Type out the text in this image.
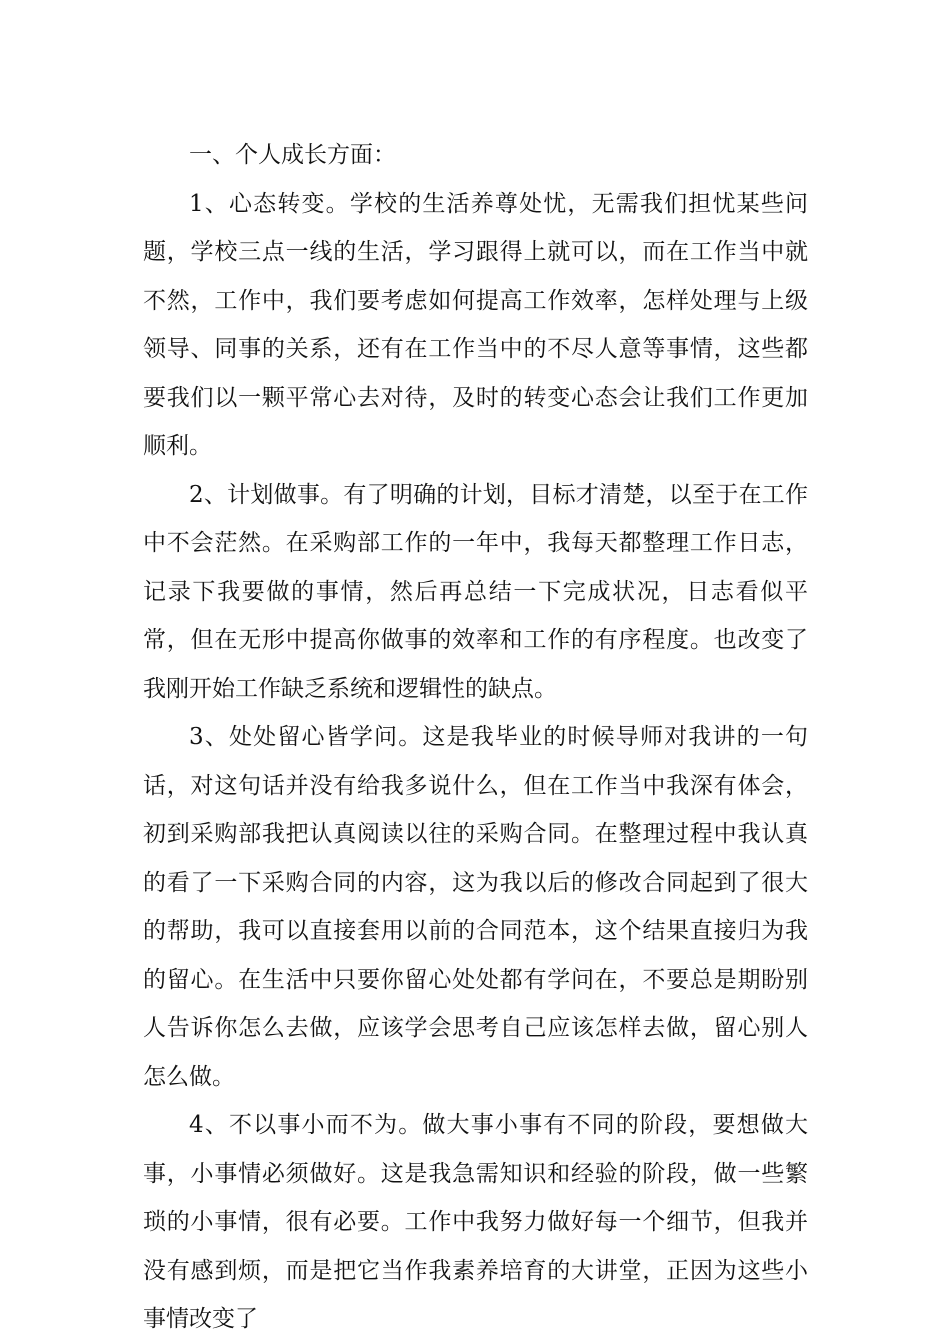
一、个人成长方面：

1、心态转变。学校的生活养尊处忧，无需我们担忧某些问题，学校三点一线的生活，学习跟得上就可以，而在工作当中就不然，工作中，我们要考虑如何提高工作效率，怎样处理与上级领导、同事的关系，还有在工作当中的不尽人意等事情，这些都要我们以一颗平常心去对待，及时的转变心态会让我们工作更加顺利。

2、计划做事。有了明确的计划，目标才清楚，以至于在工作中不会茫然。在采购部工作的一年中，我每天都整理工作日志，记录下我要做的事情，然后再总结一下完成状况，日志看似平常，但在无形中提高你做事的效率和工作的有序程度。也改变了我刚开始工作缺乏系统和逻辑性的缺点。

3、处处留心皆学问。这是我毕业的时候导师对我讲的一句话，对这句话并没有给我多说什么，但在工作当中我深有体会，初到采购部我把认真阅读以往的采购合同。在整理过程中我认真的看了一下采购合同的内容，这为我以后的修改合同起到了很大的帮助，我可以直接套用以前的合同范本，这个结果直接归为我的留心。在生活中只要你留心处处都有学问在，不要总是期盼别人告诉你怎么去做，应该学会思考自己应该怎样去做，留心别人怎么做。

4、不以事小而不为。做大事小事有不同的阶段，要想做大事，小事情必须做好。这是我急需知识和经验的阶段，做一些繁琐的小事情，很有必要。工作中我努力做好每一个细节，但我并没有感到烦，而是把它当作我素养培育的大讲堂，正因为这些小事情改变了
